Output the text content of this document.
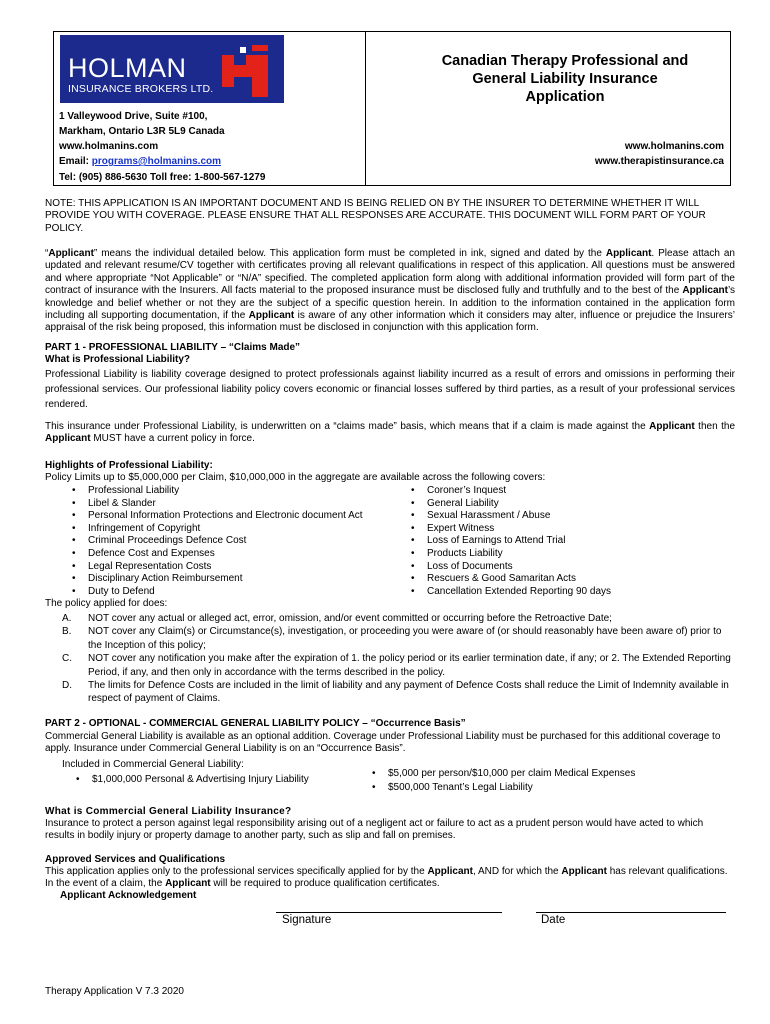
HOLMAN
INSURANCE BROKERS LTD.
1 Valleywood Drive, Suite #100,
Markham, Ontario L3R 5L9 Canada
www.holmanins.com
Email: programs@holmanins.com
Tel: (905) 886-5630 Toll free: 1-800-567-1279
Canadian Therapy Professional and
General Liability Insurance
Application
www.holmanins.com
www.therapistinsurance.ca
NOTE: THIS APPLICATION IS AN IMPORTANT DOCUMENT AND IS BEING RELIED ON BY THE INSURER TO DETERMINE WHETHER IT WILL PROVIDE YOU WITH COVERAGE. PLEASE ENSURE THAT ALL RESPONSES ARE ACCURATE. THIS DOCUMENT WILL FORM PART OF YOUR POLICY.
“Applicant” means the individual detailed below. This application form must be completed in ink, signed and dated by the Applicant. Please attach an updated and relevant resume/CV together with certificates proving all relevant qualifications in respect of this application. All questions must be answered and where appropriate “Not Applicable” or “N/A” specified. The completed application form along with additional information provided will form part of the contract of insurance with the Insurers. All facts material to the proposed insurance must be disclosed fully and truthfully and to the best of the Applicant’s knowledge and belief whether or not they are the subject of a specific question herein. In addition to the information contained in the application form including all supporting documentation, if the Applicant is aware of any other information which it considers may alter, influence or prejudice the Insurers’ appraisal of the risk being proposed, this information must be disclosed in conjunction with this application form.
PART 1 - PROFESSIONAL LIABILITY – “Claims Made”
What is Professional Liability?
Professional Liability is liability coverage designed to protect professionals against liability incurred as a result of errors and omissions in performing their professional services. Our professional liability policy covers economic or financial losses suffered by third parties, as a result of your professional services rendered.
This insurance under Professional Liability, is underwritten on a “claims made” basis, which means that if a claim is made against the Applicant then the Applicant MUST have a current policy in force.
Highlights of Professional Liability:
Policy Limits up to $5,000,000 per Claim, $10,000,000 in the aggregate are available across the following covers:
• Professional Liability
• Libel & Slander
• Personal Information Protections and Electronic document Act
• Infringement of Copyright
• Criminal Proceedings Defence Cost
• Defence Cost and Expenses
• Legal Representation Costs
• Disciplinary Action Reimbursement
• Duty to Defend
• Coroner’s Inquest
• General Liability
• Sexual Harassment / Abuse
• Expert Witness
• Loss of Earnings to Attend Trial
• Products Liability
• Loss of Documents
• Rescuers & Good Samaritan Acts
• Cancellation Extended Reporting 90 days
The policy applied for does:
A. NOT cover any actual or alleged act, error, omission, and/or event committed or occurring before the Retroactive Date;
B. NOT cover any Claim(s) or Circumstance(s), investigation, or proceeding you were aware of (or should reasonably have been aware of) prior to the Inception of this policy;
C. NOT cover any notification you make after the expiration of 1. the policy period or its earlier termination date, if any; or 2. The Extended Reporting Period, if any, and then only in accordance with the terms described in the policy.
D. The limits for Defence Costs are included in the limit of liability and any payment of Defence Costs shall reduce the Limit of Indemnity available in respect of payment of Claims.
PART 2 - OPTIONAL - COMMERCIAL GENERAL LIABILITY POLICY – “Occurrence Basis”
Commercial General Liability is available as an optional addition. Coverage under Professional Liability must be purchased for this additional coverage to apply. Insurance under Commercial General Liability is on an “Occurrence Basis”.
Included in Commercial General Liability:
• $1,000,000 Personal & Advertising Injury Liability
• $5,000 per person/$10,000 per claim Medical Expenses
• $500,000 Tenant’s Legal Liability
What is Commercial General Liability Insurance?
Insurance to protect a person against legal responsibility arising out of a negligent act or failure to act as a prudent person would have acted to which results in bodily injury or property damage to another party, such as slip and fall on premises.
Approved Services and Qualifications
This application applies only to the professional services specifically applied for by the Applicant, AND for which the Applicant has relevant qualifications. In the event of a claim, the Applicant will be required to produce qualification certificates.
Applicant Acknowledgement
Signature	Date
Therapy Application V 7.3 2020
